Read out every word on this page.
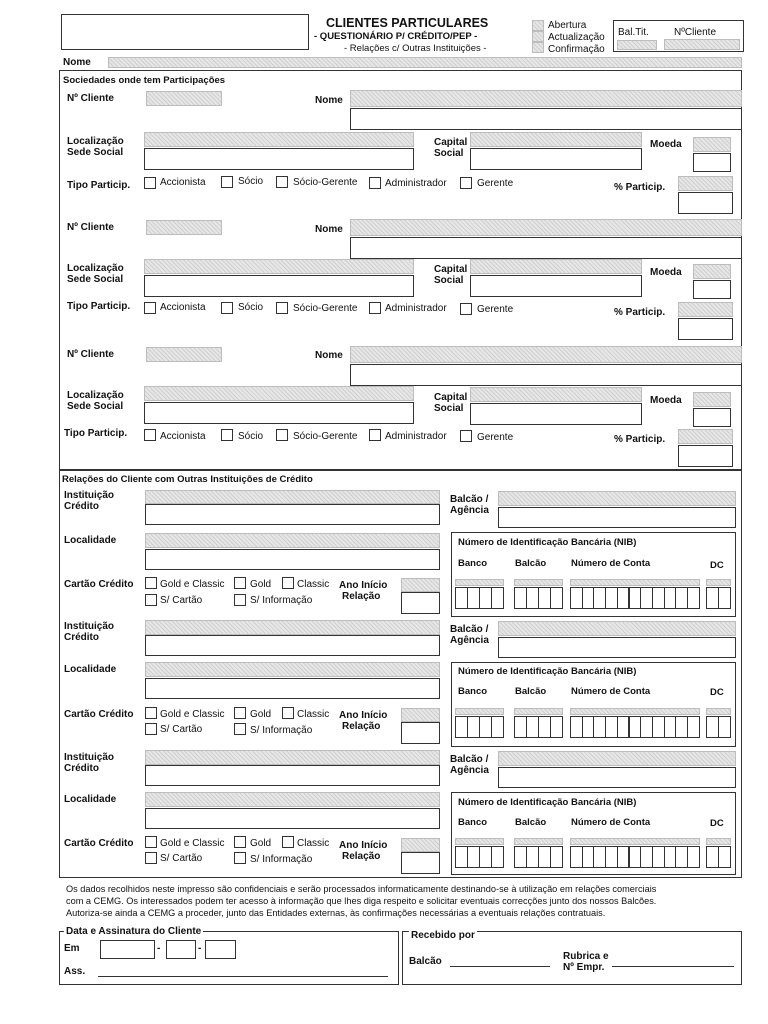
CLIENTES PARTICULARES
- QUESTIONÁRIO P/ CRÉDITO/PEP -
- Relações c/ Outras Instituições -
Abertura
Actualização
Confirmação
Bal.Tit.	NºCliente
Nome
Sociedades onde tem Participações
Nº Cliente	Nome
Localização
Sede Social
Capital
Social
Moeda
Tipo Particip.	Accionista	Sócio	Sócio-Gerente	Administrador	Gerente	% Particip.
Nº Cliente	Nome
Localização
Sede Social
Capital
Social
Moeda
Tipo Particip.	Accionista	Sócio	Sócio-Gerente	Administrador	Gerente	% Particip.
Nº Cliente	Nome
Localização
Sede Social
Capital
Social
Moeda
Tipo Particip.	Accionista	Sócio	Sócio-Gerente	Administrador	Gerente	% Particip.
Relações do Cliente com Outras Instituições de Crédito
Instituição
Crédito
Balcão /
Agência
Localidade	Número de Identificação Bancária (NIB)
Banco	Balcão	Número de Conta	DC
Cartão Crédito	Gold e Classic	Gold	Classic
S/ Cartão	S/ Informação
Ano Início
Relação
Instituição
Crédito
Balcão /
Agência
Localidade	Número de Identificação Bancária (NIB)
Banco	Balcão	Número de Conta	DC
Cartão Crédito	Gold e Classic	Gold	Classic
S/ Cartão	S/ Informação
Ano Início
Relação
Instituição
Crédito
Balcão /
Agência
Localidade	Número de Identificação Bancária (NIB)
Banco	Balcão	Número de Conta	DC
Cartão Crédito	Gold e Classic	Gold	Classic
S/ Cartão	S/ Informação
Ano Início
Relação
Os dados recolhidos neste impresso são confidenciais e serão processados informaticamente destinando-se à utilização em relações comerciais
com a CEMG. Os interessados podem ter acesso à informação que lhes diga respeito e solicitar eventuais correcções junto dos nossos Balcões.
Autoriza-se ainda a CEMG a proceder, junto das Entidades externas, às confirmações necessárias a eventuais relações contratuais.
Data e Assinatura do Cliente
Em	-	-
Ass.
Recebido por
Balcão	Rubrica e
Nº Empr.
